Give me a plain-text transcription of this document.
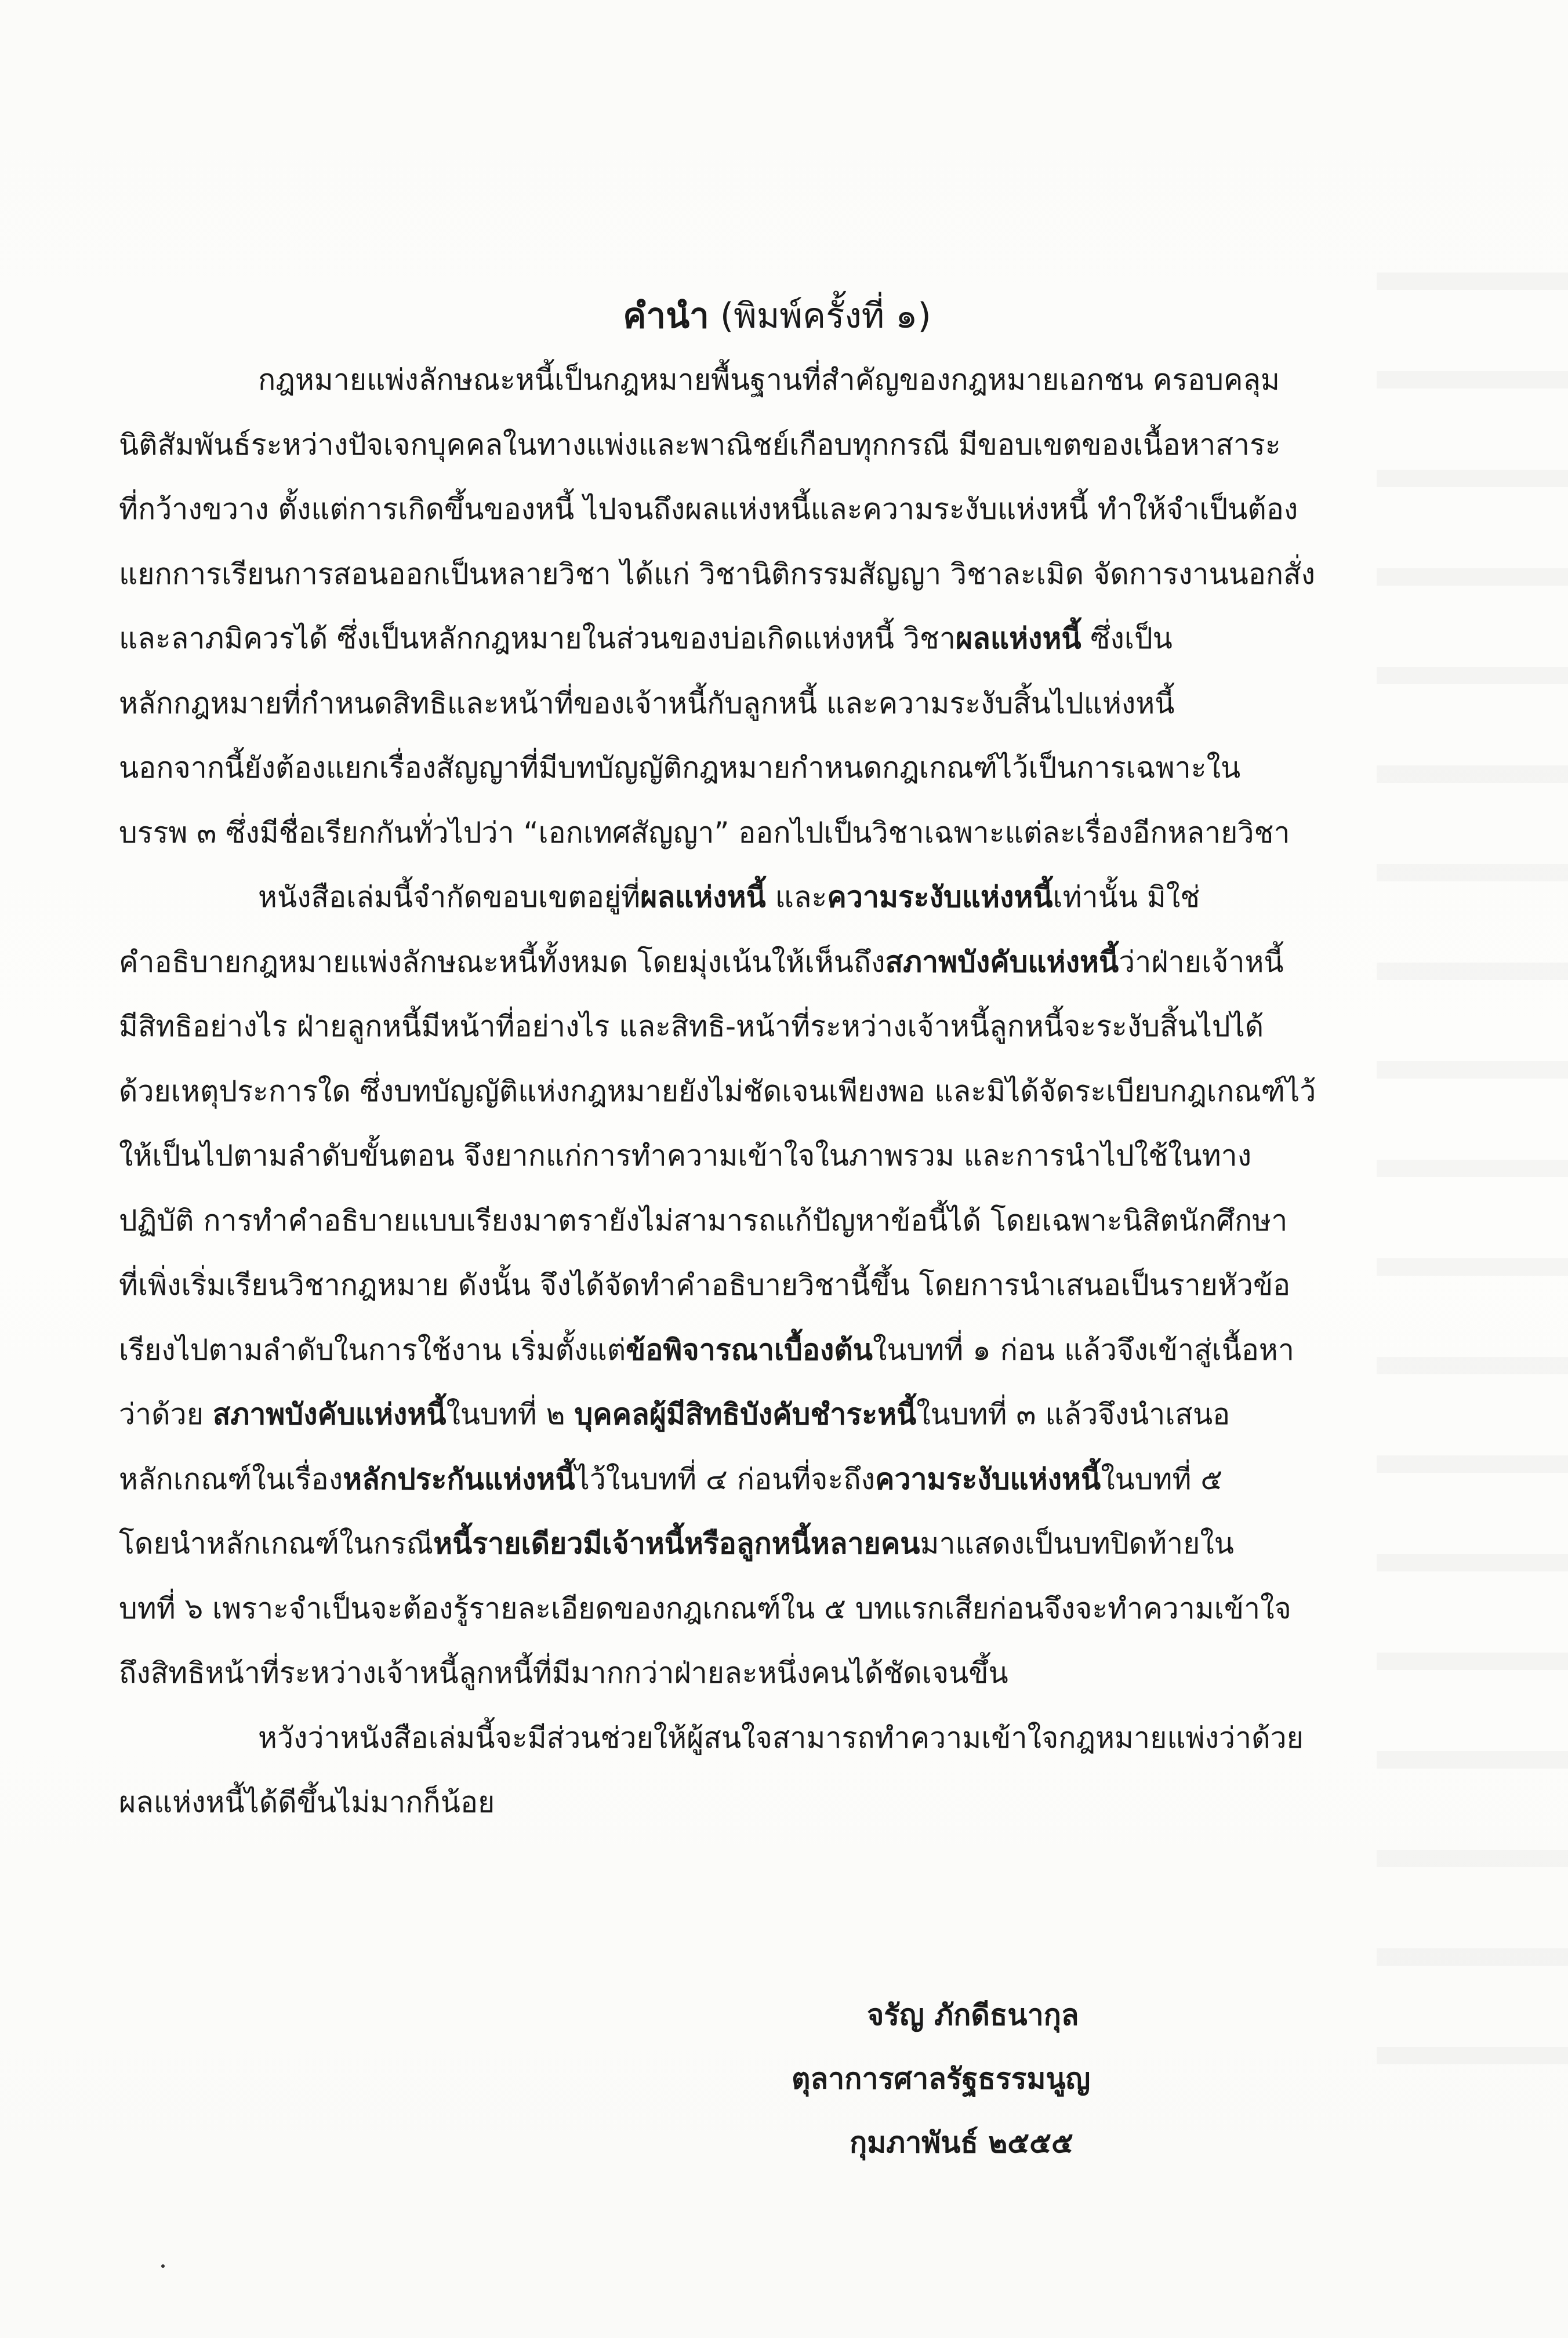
คำนำ (พิมพ์ครั้งที่ ๑)

กฎหมายแพ่งลักษณะหนี้เป็นกฎหมายพื้นฐานที่สำคัญของกฎหมายเอกชน ครอบคลุม
นิติสัมพันธ์ระหว่างปัจเจกบุคคลในทางแพ่งและพาณิชย์เกือบทุกกรณี มีขอบเขตของเนื้อหาสาระ
ที่กว้างขวาง ตั้งแต่การเกิดขึ้นของหนี้ ไปจนถึงผลแห่งหนี้และความระงับแห่งหนี้ ทำให้จำเป็นต้อง
แยกการเรียนการสอนออกเป็นหลายวิชา ได้แก่ วิชานิติกรรมสัญญา วิชาละเมิด จัดการงานนอกสั่ง
และลาภมิควรได้ ซึ่งเป็นหลักกฎหมายในส่วนของบ่อเกิดแห่งหนี้ วิชาผลแห่งหนี้ ซึ่งเป็น
หลักกฎหมายที่กำหนดสิทธิและหน้าที่ของเจ้าหนี้กับลูกหนี้ และความระงับสิ้นไปแห่งหนี้
นอกจากนี้ยังต้องแยกเรื่องสัญญาที่มีบทบัญญัติกฎหมายกำหนดกฎเกณฑ์ไว้เป็นการเฉพาะใน
บรรพ ๓ ซึ่งมีชื่อเรียกกันทั่วไปว่า “เอกเทศสัญญา” ออกไปเป็นวิชาเฉพาะแต่ละเรื่องอีกหลายวิชา

หนังสือเล่มนี้จำกัดขอบเขตอยู่ที่ผลแห่งหนี้ และความระงับแห่งหนี้เท่านั้น มิใช่
คำอธิบายกฎหมายแพ่งลักษณะหนี้ทั้งหมด โดยมุ่งเน้นให้เห็นถึงสภาพบังคับแห่งหนี้ว่าฝ่ายเจ้าหนี้
มีสิทธิอย่างไร ฝ่ายลูกหนี้มีหน้าที่อย่างไร และสิทธิ-หน้าที่ระหว่างเจ้าหนี้ลูกหนี้จะระงับสิ้นไปได้
ด้วยเหตุประการใด ซึ่งบทบัญญัติแห่งกฎหมายยังไม่ชัดเจนเพียงพอ และมิได้จัดระเบียบกฎเกณฑ์ไว้
ให้เป็นไปตามลำดับขั้นตอน จึงยากแก่การทำความเข้าใจในภาพรวม และการนำไปใช้ในทาง
ปฏิบัติ การทำคำอธิบายแบบเรียงมาตรายังไม่สามารถแก้ปัญหาข้อนี้ได้ โดยเฉพาะนิสิตนักศึกษา
ที่เพิ่งเริ่มเรียนวิชากฎหมาย ดังนั้น จึงได้จัดทำคำอธิบายวิชานี้ขึ้น โดยการนำเสนอเป็นรายหัวข้อ
เรียงไปตามลำดับในการใช้งาน เริ่มตั้งแต่ข้อพิจารณาเบื้องต้นในบทที่ ๑ ก่อน แล้วจึงเข้าสู่เนื้อหา
ว่าด้วย สภาพบังคับแห่งหนี้ในบทที่ ๒ บุคคลผู้มีสิทธิบังคับชำระหนี้ในบทที่ ๓ แล้วจึงนำเสนอ
หลักเกณฑ์ในเรื่องหลักประกันแห่งหนี้ไว้ในบทที่ ๔ ก่อนที่จะถึงความระงับแห่งหนี้ในบทที่ ๕
โดยนำหลักเกณฑ์ในกรณีหนี้รายเดียวมีเจ้าหนี้หรือลูกหนี้หลายคนมาแสดงเป็นบทปิดท้ายใน
บทที่ ๖ เพราะจำเป็นจะต้องรู้รายละเอียดของกฎเกณฑ์ใน ๕ บทแรกเสียก่อนจึงจะทำความเข้าใจ
ถึงสิทธิหน้าที่ระหว่างเจ้าหนี้ลูกหนี้ที่มีมากกว่าฝ่ายละหนึ่งคนได้ชัดเจนขึ้น

หวังว่าหนังสือเล่มนี้จะมีส่วนช่วยให้ผู้สนใจสามารถทำความเข้าใจกฎหมายแพ่งว่าด้วย
ผลแห่งหนี้ได้ดีขึ้นไม่มากก็น้อย

จรัญ ภักดีธนากุล
ตุลาการศาลรัฐธรรมนูญ
กุมภาพันธ์ ๒๕๕๕
